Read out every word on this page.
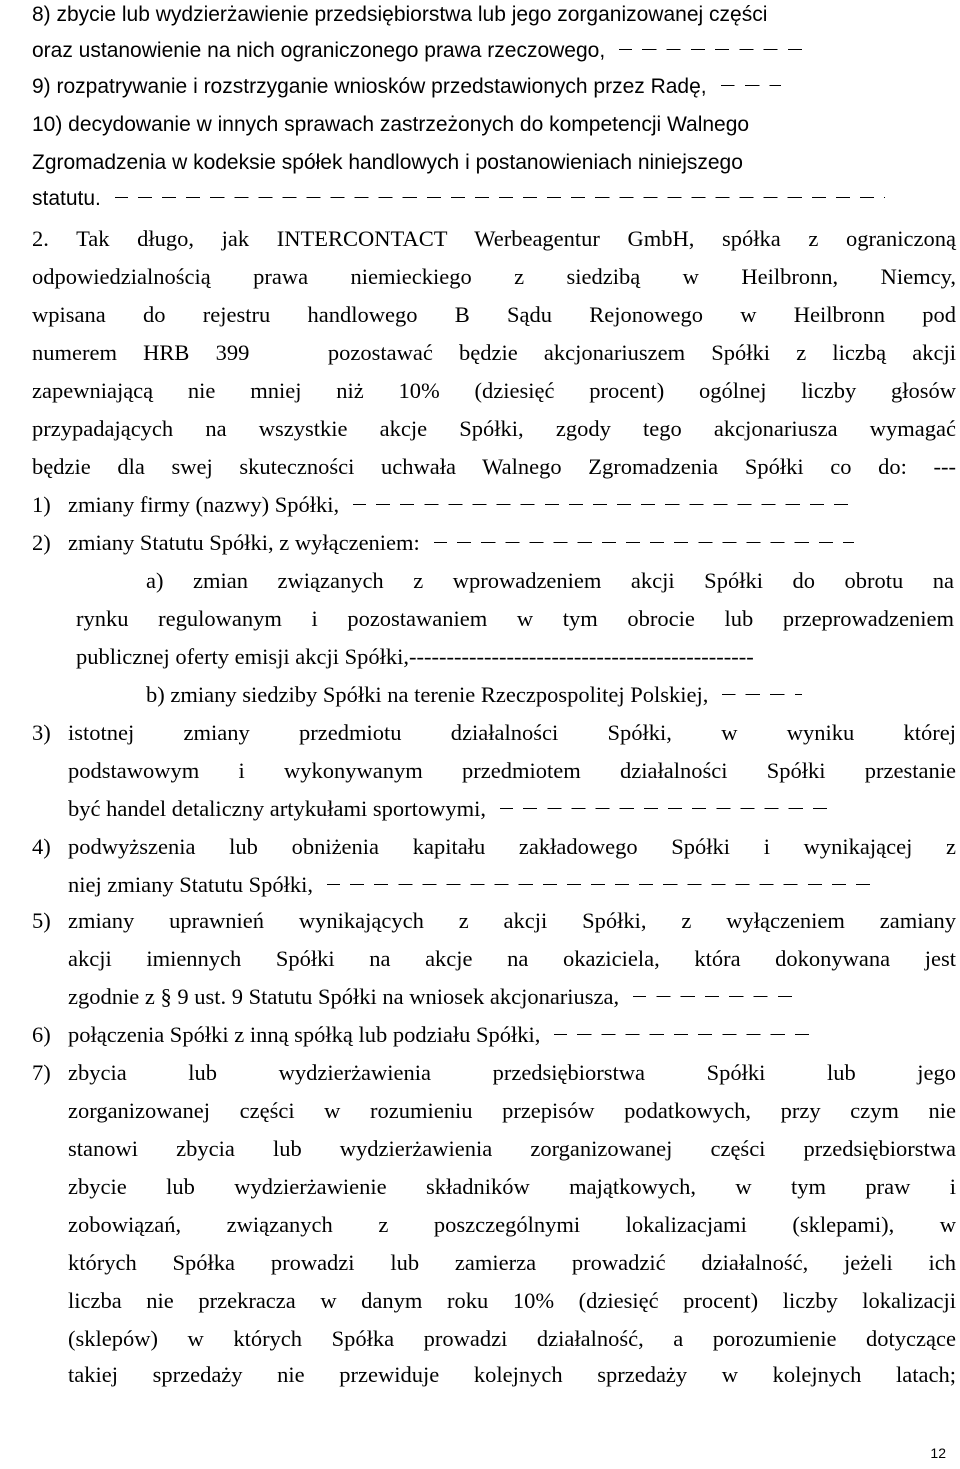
8) zbycie lub wydzierżawienie przedsiębiorstwa lub jego zorganizowanej części
oraz ustanowienie na nich ograniczonego prawa rzeczowego,
9) rozpatrywanie i rozstrzyganie wniosków przedstawionych przez Radę,
10) decydowanie w innych sprawach zastrzeżonych do kompetencji Walnego
Zgromadzenia w kodeksie spółek handlowych i postanowieniach niniejszego
statutu.
2. Tak długo, jak INTERCONTACT Werbeagentur GmbH, spółka z ograniczoną
odpowiedzialnością prawa niemieckiego z siedzibą w Heilbronn, Niemcy,
wpisana do rejestru handlowego B Sądu Rejonowego w Heilbronn pod
numerem HRB 399   pozostawać będzie akcjonariuszem Spółki z liczbą akcji
zapewniającą nie mniej niż 10% (dziesięć procent) ogólnej liczby głosów
przypadających na wszystkie akcje Spółki, zgody tego akcjonariusza wymagać
będzie dla swej skuteczności uchwała Walnego Zgromadzenia Spółki co do: ---
1) zmiany firmy (nazwy) Spółki,
2) zmiany Statutu Spółki, z wyłączeniem:
a) zmian związanych z wprowadzeniem akcji Spółki do obrotu na
rynku regulowanym i pozostawaniem w tym obrocie lub przeprowadzeniem
publicznej oferty emisji akcji Spółki,----------------------------------------------
b) zmiany siedziby Spółki na terenie Rzeczpospolitej Polskiej,
3) istotnej zmiany przedmiotu działalności Spółki, w wyniku której
podstawowym i wykonywanym przedmiotem działalności Spółki przestanie
być handel detaliczny artykułami sportowymi,
4) podwyższenia lub obniżenia kapitału zakładowego Spółki i wynikającej z
niej zmiany Statutu Spółki,
5) zmiany uprawnień wynikających z akcji Spółki, z wyłączeniem zamiany
akcji imiennych Spółki na akcje na okaziciela, która dokonywana jest
zgodnie z § 9 ust. 9 Statutu Spółki na wniosek akcjonariusza,
6) połączenia Spółki z inną spółką lub podziału Spółki,
7) zbycia lub wydzierżawienia przedsiębiorstwa Spółki lub jego
zorganizowanej części w rozumieniu przepisów podatkowych, przy czym nie
stanowi zbycia lub wydzierżawienia zorganizowanej części przedsiębiorstwa
zbycie lub wydzierżawienie składników majątkowych, w tym praw i
zobowiązań, związanych z poszczególnymi lokalizacjami (sklepami), w
których Spółka prowadzi lub zamierza prowadzić działalność, jeżeli ich
liczba nie przekracza w danym roku 10% (dziesięć procent) liczby lokalizacji
(sklepów) w których Spółka prowadzi działalność, a porozumienie dotyczące
takiej sprzedaży nie przewiduje kolejnych sprzedaży w kolejnych latach;
12
